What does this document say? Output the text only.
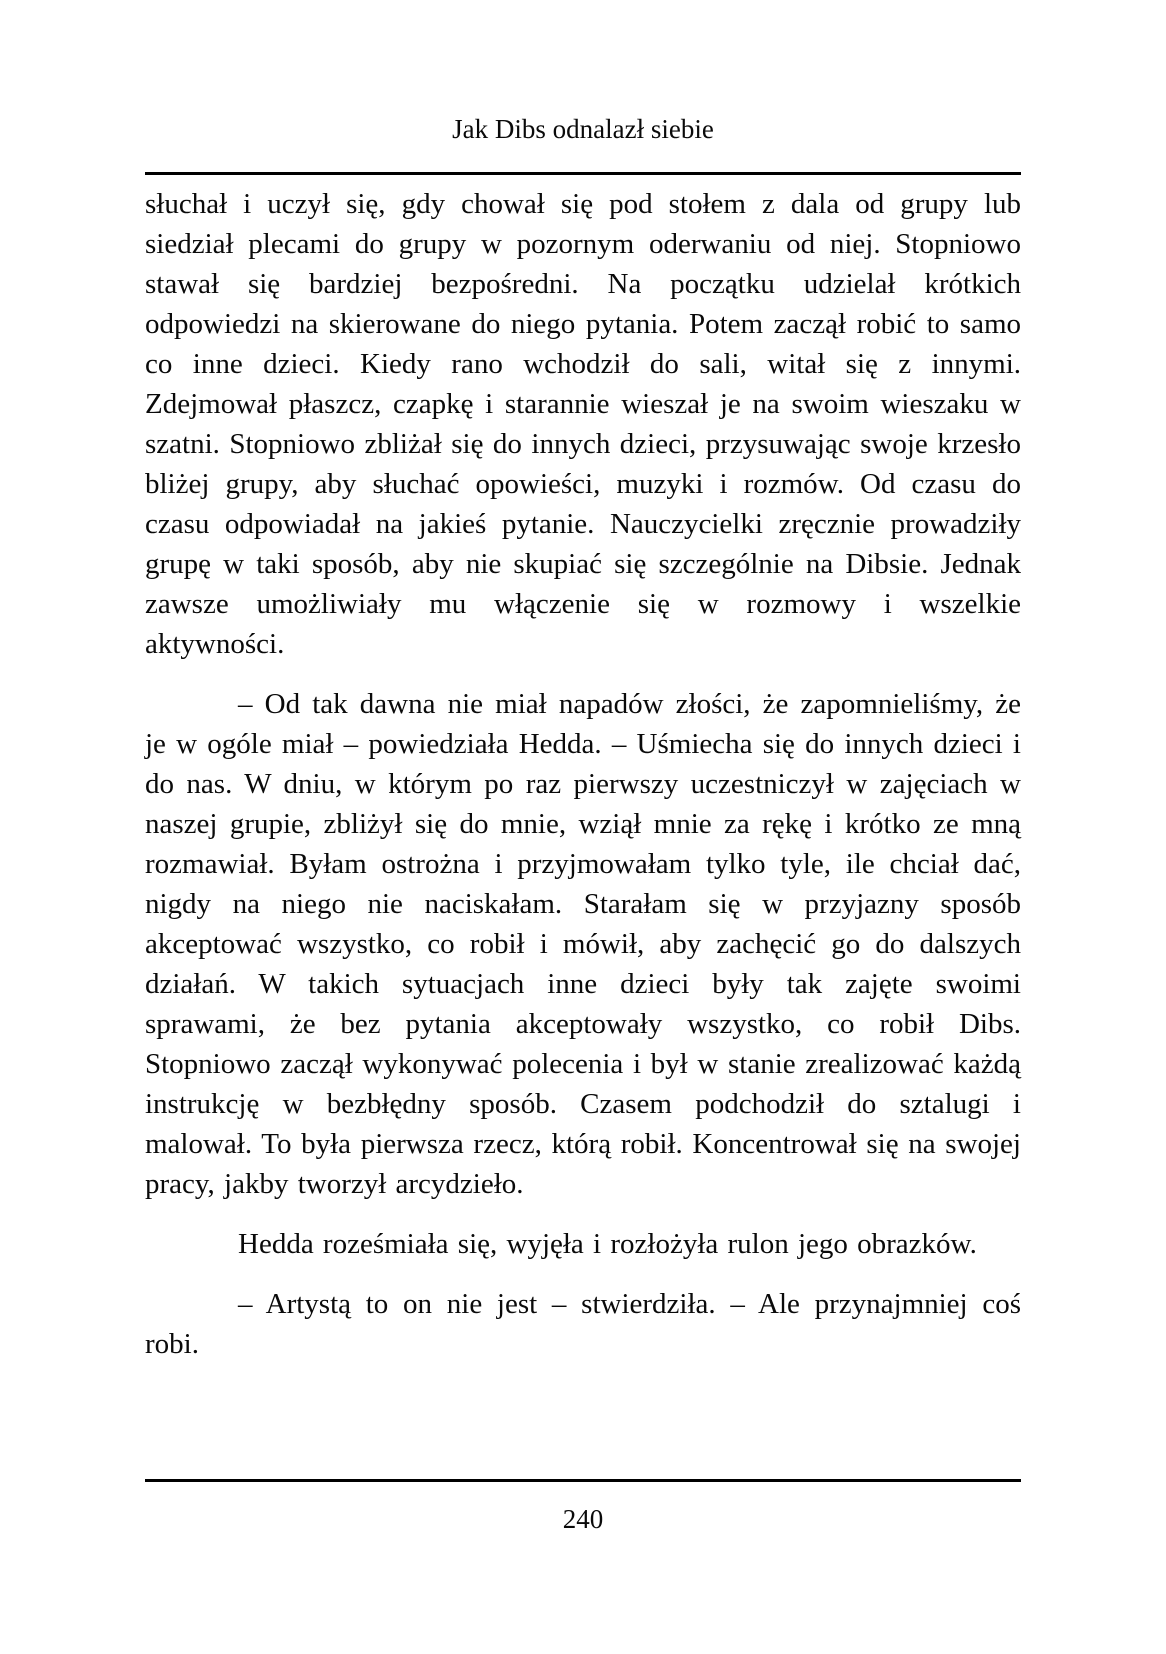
Jak Dibs odnalazł siebie

słuchał i uczył się, gdy chował się pod stołem z dala od grupy lub siedział plecami do grupy w pozornym oderwaniu od niej. Stopniowo stawał się bardziej bezpośredni. Na początku udzielał krótkich odpowiedzi na skierowane do niego pytania. Potem zaczął robić to samo co inne dzieci. Kiedy rano wchodził do sali, witał się z innymi. Zdejmował płaszcz, czapkę i starannie wieszał je na swoim wieszaku w szatni. Stopniowo zbliżał się do innych dzieci, przysuwając swoje krzesło bliżej grupy, aby słuchać opowieści, muzyki i rozmów. Od czasu do czasu odpowiadał na jakieś pytanie. Nauczycielki zręcznie prowadziły grupę w taki sposób, aby nie skupiać się szczególnie na Dibsie. Jednak zawsze umożliwiały mu włączenie się w rozmowy i wszelkie aktywności.

– Od tak dawna nie miał napadów złości, że zapomnieliśmy, że je w ogóle miał – powiedziała Hedda. – Uśmiecha się do innych dzieci i do nas. W dniu, w którym po raz pierwszy uczestniczył w zajęciach w naszej grupie, zbliżył się do mnie, wziął mnie za rękę i krótko ze mną rozmawiał. Byłam ostrożna i przyjmowałam tylko tyle, ile chciał dać, nigdy na niego nie naciskałam. Starałam się w przyjazny sposób akceptować wszystko, co robił i mówił, aby zachęcić go do dalszych działań. W takich sytuacjach inne dzieci były tak zajęte swoimi sprawami, że bez pytania akceptowały wszystko, co robił Dibs. Stopniowo zaczął wykonywać polecenia i był w stanie zrealizować każdą instrukcję w bezbłędny sposób. Czasem podchodził do sztalugi i malował. To była pierwsza rzecz, którą robił. Koncentrował się na swojej pracy, jakby tworzył arcydzieło.

Hedda roześmiała się, wyjęła i rozłożyła rulon jego obrazków.

– Artystą to on nie jest – stwierdziła. – Ale przynajmniej coś robi.

240
